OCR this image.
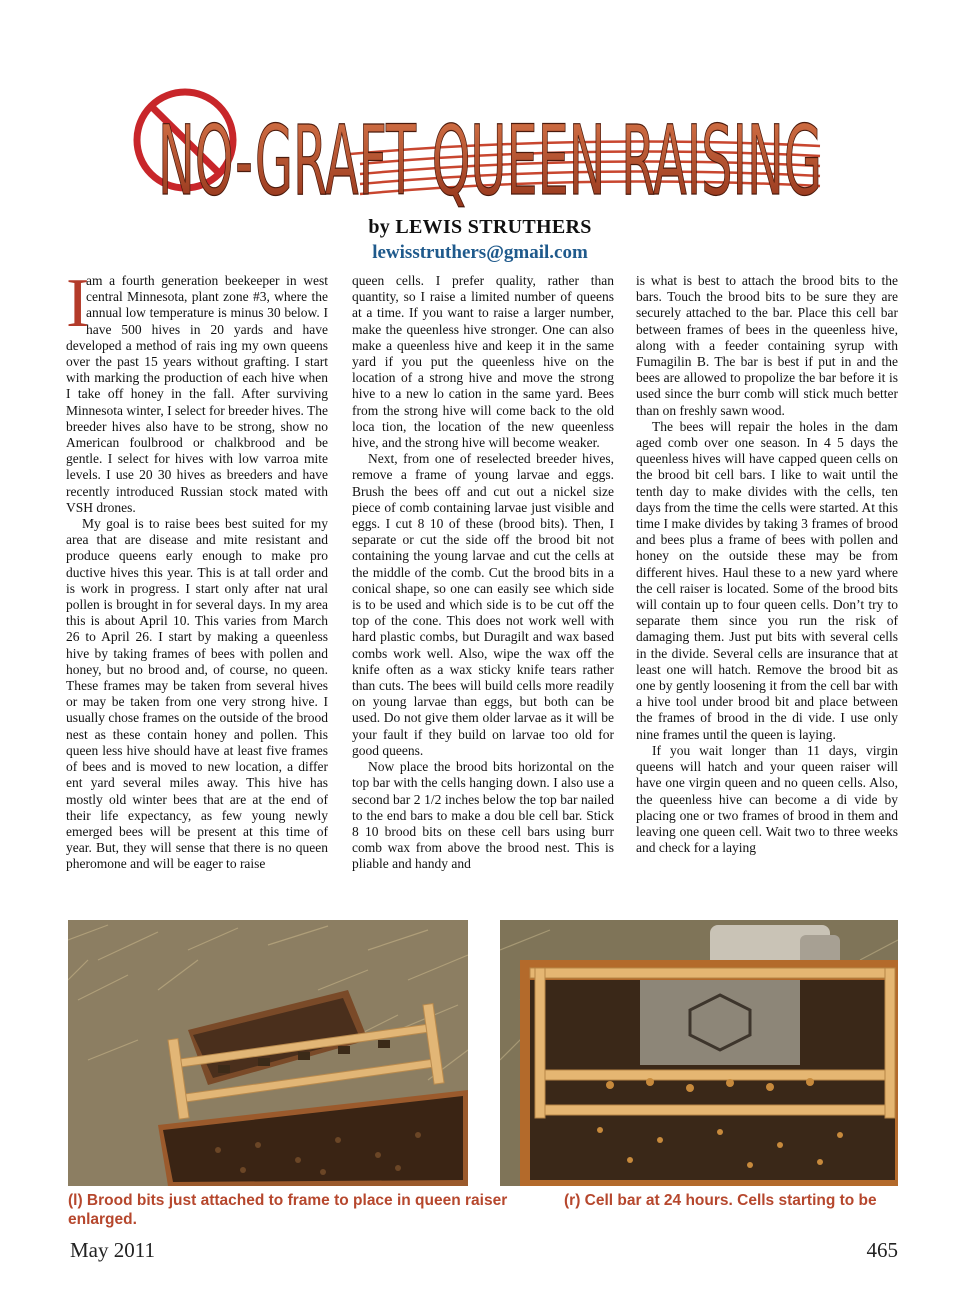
NO-GRAFT QUEEN RAISING
by LEWIS STRUTHERS
lewisstruthers@gmail.com

I
am a fourth generation beekeeper in west central Minnesota, plant zone #3, where the annual low temperature is minus 30 below. I have 500 hives in 20 yards and have developed a method of rais ing my own queens over the past 15 years without grafting. I start with marking the production of each hive when I take off honey in the fall. After surviving Minnesota winter, I select for breeder hives. The breeder hives also have to be strong, show no American foulbrood or chalkbrood and be gentle. I select for hives with low varroa mite levels. I use 20 30 hives as breeders and have recently introduced Russian stock mated with VSH drones.

My goal is to raise bees best suited for my area that are disease and mite resistant and produce queens early enough to make pro ductive hives this year. This is at tall order and is work in progress. I start only after nat ural pollen is brought in for several days. In my area this is about April 10. This varies from March 26 to April 26. I start by making a queenless hive by taking frames of bees with pollen and honey, but no brood and, of course, no queen. These frames may be taken from several hives or may be taken from one very strong hive. I usually chose frames on the outside of the brood nest as these contain honey and pollen. This queen less hive should have at least five frames of bees and is moved to new location, a differ ent yard several miles away. This hive has mostly old winter bees that are at the end of their life expectancy, as few young newly emerged bees will be present at this time of year. But, they will sense that there is no queen pheromone and will be eager to raise

queen cells. I prefer quality, rather than quantity, so I raise a limited number of queens at a time. If you want to raise a larger number, make the queenless hive stronger. One can also make a queenless hive and keep it in the same yard if you put the queenless hive on the location of a strong hive and move the strong hive to a new lo cation in the same yard. Bees from the strong hive will come back to the old loca tion, the location of the new queenless hive, and the strong hive will become weaker.

Next, from one of reselected breeder hives, remove a frame of young larvae and eggs. Brush the bees off and cut out a nickel size piece of comb containing larvae just visible and eggs. I cut 8 10 of these (brood bits). Then, I separate or cut the side off the brood bit not containing the young larvae and cut the cells at the middle of the comb. Cut the brood bits in a conical shape, so one can easily see which side is to be used and which side is to be cut off the top of the cone. This does not work well with hard plastic combs, but Duragilt and wax based combs work well. Also, wipe the wax off the knife often as a wax sticky knife tears rather than cuts. The bees will build cells more readily on young larvae than eggs, but both can be used. Do not give them older larvae as it will be your fault if they build on larvae too old for good queens.

Now place the brood bits horizontal on the top bar with the cells hanging down. I also use a second bar 2 1/2 inches below the top bar nailed to the end bars to make a dou ble cell bar. Stick 8 10 brood bits on these cell bars using burr comb wax from above the brood nest. This is pliable and handy and

is what is best to attach the brood bits to the bars. Touch the brood bits to be sure they are securely attached to the bar. Place this cell bar between frames of bees in the queenless hive, along with a feeder containing syrup with Fumagilin B. The bar is best if put in and the bees are allowed to propolize the bar before it is used since the burr comb will stick much better than on freshly sawn wood.

The bees will repair the holes in the dam aged comb over one season. In 4 5 days the queenless hives will have capped queen cells on the brood bit cell bars. I like to wait until the tenth day to make divides with the cells, ten days from the time the cells were started. At this time I make divides by taking 3 frames of brood and bees plus a frame of bees with pollen and honey on the outside these may be from different hives. Haul these to a new yard where the cell raiser is located. Some of the brood bits will contain up to four queen cells. Don’t try to separate them since you run the risk of damaging them. Just put bits with several cells in the divide. Several cells are insurance that at least one will hatch. Remove the brood bit as one by gently loosening it from the cell bar with a hive tool under brood bit and place between the frames of brood in the di vide. I use only nine frames until the queen is laying.

If you wait longer than 11 days, virgin queens will hatch and your queen raiser will have one virgin queen and no queen cells. Also, the queenless hive can become a di vide by placing one or two frames of brood in them and leaving one queen cell. Wait two to three weeks and check for a laying

(l) Brood bits just attached to frame to place in queen raiser enlarged.
(r) Cell bar at 24 hours. Cells starting to be
May 2011	465
